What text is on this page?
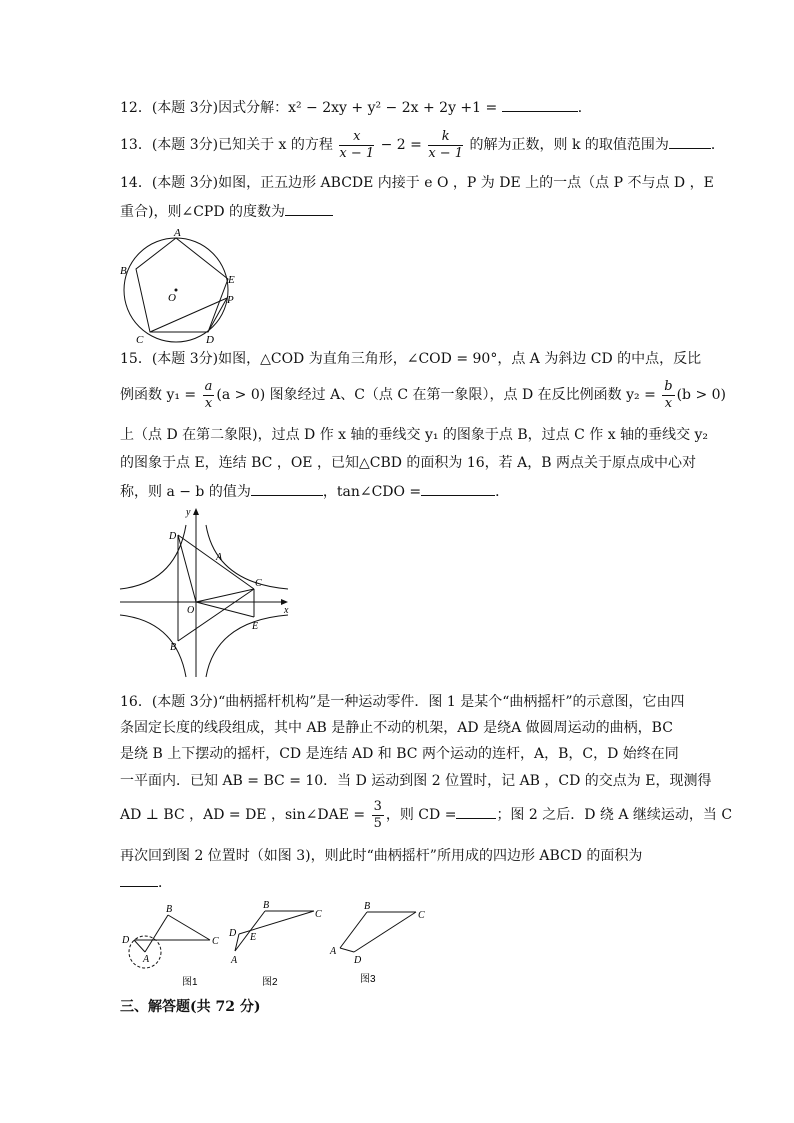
12．(本题 3分)因式分解：x² − 2xy + y² − 2x + 2y +1 =	．
13．(本题 3分)已知关于 x 的方程 $\frac{x}{x - 1} - 2 = \frac{k}{x - 1}$ 的解为正数，则 k 的取值范围为	．
14．(本题 3分)如图，正五边形 ABCDE 内接于 e O ，P 为 DE 上的一点（点 P 不与点 D ，E
重合)，则∠CPD 的度数为
A
B
C	D
E
P
O
15．(本题 3分)如图，△COD 为直角三角形，∠COD = 90°，点 A 为斜边 CD 的中点，反比
例函数 $y_1 = \frac{a}{x} (a > 0)$ 图象经过 A、C（点 C 在第一象限），点 D 在反比例函数 $y_2 = \frac{b}{x} (b > 0)$
上（点 D 在第二象限)，过点 D 作 x 轴的垂线交 y₁ 的图象于点 B，过点 C 作 x 轴的垂线交 y₂
的图象于点 E，连结 BC ，OE ，已知△CBD 的面积为 16，若 A，B 两点关于原点成中心对
称，则 a − b 的值为	，tan∠CDO =	．
y
x
D
A
C
O
E
B
16．(本题 3分)“曲柄摇杆机构”是一种运动零件．图 1 是某个“曲柄摇杆”的示意图，它由四
条固定长度的线段组成，其中 AB 是静止不动的机架，AD 是绕A 做圆周运动的曲柄，BC
是绕 B 上下摆动的摇杆，CD 是连结 AD 和 BC 两个运动的连杆，A，B，C，D 始终在同
一平面内．已知 AB = BC = 10．当 D 运动到图 2 位置时，记 AB ，CD 的交点为 E，现测得
AD ⊥ BC ，AD = DE ，sin∠DAE = $\frac{3}{5}$ ，则 CD =	；图 2 之后．D 绕 A 继续运动，当 C
再次回到图 2 位置时（如图 3)，则此时“曲柄摇杆”所用成的四边形 ABCD 的面积为
．
B
C
D
A
图1
B
C
D E
A
图2
B
C
A
D
图3
三、解答题(共 72 分)
